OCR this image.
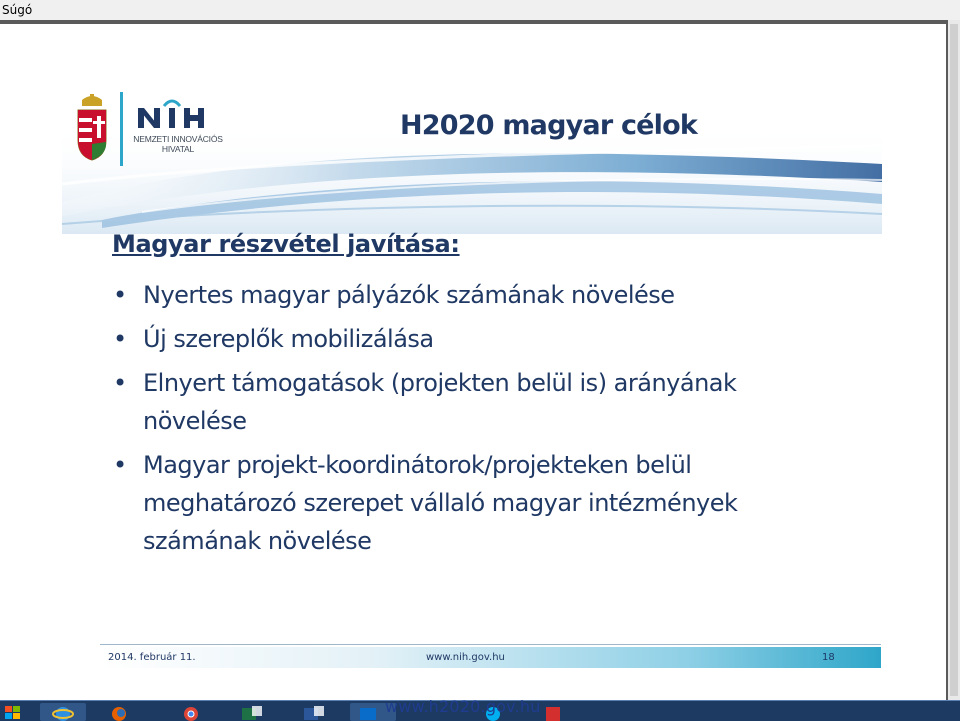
Súgó
NEMZETI INNOVÁCIÓS
HIVATAL
H2020 magyar célok
Magyar részvétel javítása:
• Nyertes magyar pályázók számának növelése
• Új szereplők mobilizálása
• Elnyert támogatások (projekten belül is) arányának növelése
• Magyar projekt-koordinátorok/projekteken belül meghatározó szerepet vállaló magyar intézmények számának növelése
2014. február 11.	www.nih.gov.hu	18
www.h2020.gov.hu
